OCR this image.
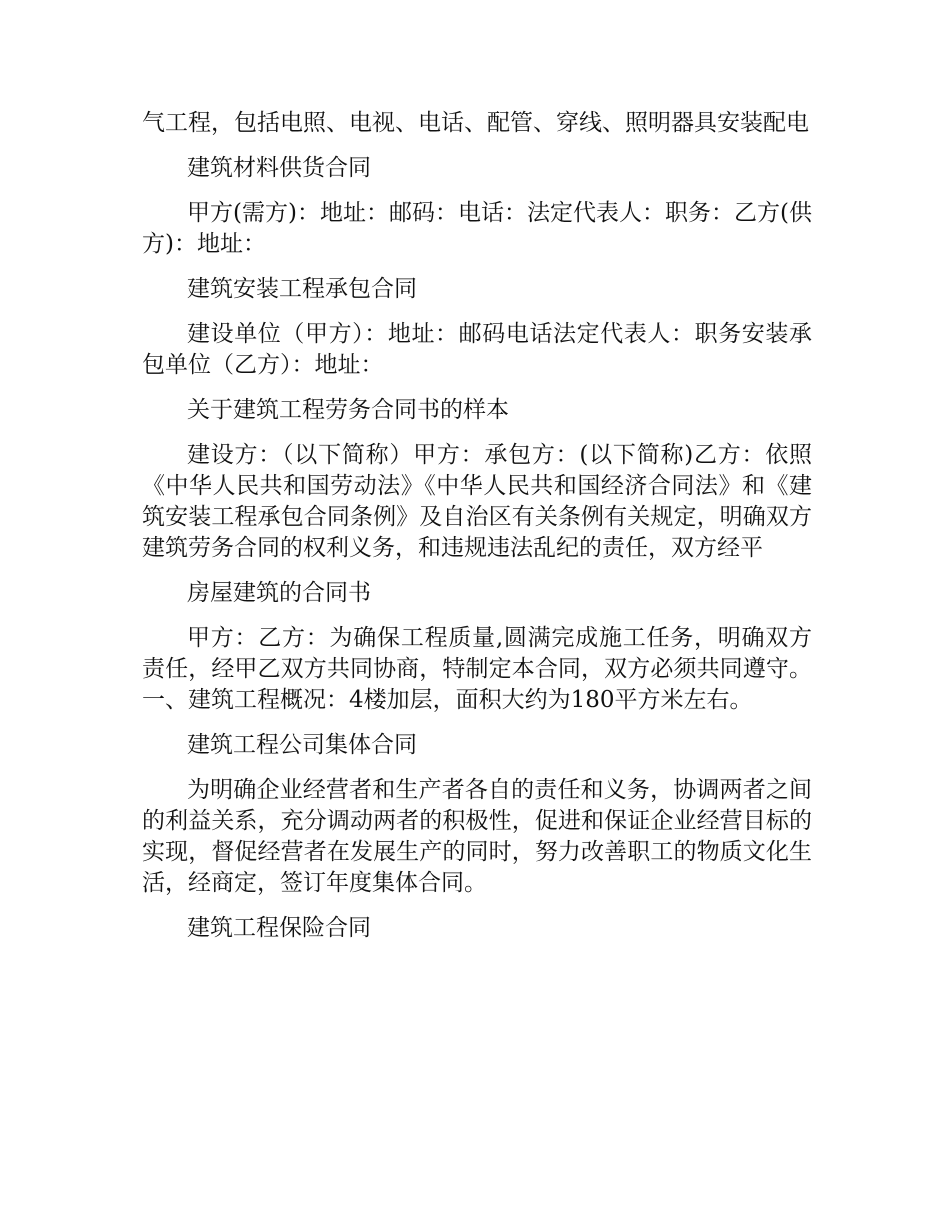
气工程，包括电照、电视、电话、配管、穿线、照明器具安装配电

建筑材料供货合同

甲方(需方)：地址：邮码：电话：法定代表人：职务：乙方(供方)：地址：

建筑安装工程承包合同

建设单位（甲方）：地址：邮码电话法定代表人：职务安装承包单位（乙方）：地址：

关于建筑工程劳务合同书的样本

建设方：（以下简称）甲方：承包方：(以下简称)乙方：依照《中华人民共和国劳动法》《中华人民共和国经济合同法》和《建筑安装工程承包合同条例》及自治区有关条例有关规定，明确双方建筑劳务合同的权利义务，和违规违法乱纪的责任，双方经平

房屋建筑的合同书

甲方：乙方：为确保工程质量,圆满完成施工任务，明确双方责任，经甲乙双方共同协商，特制定本合同，双方必须共同遵守。一、建筑工程概况：4楼加层，面积大约为180平方米左右。

建筑工程公司集体合同

为明确企业经营者和生产者各自的责任和义务，协调两者之间的利益关系，充分调动两者的积极性，促进和保证企业经营目标的实现，督促经营者在发展生产的同时，努力改善职工的物质文化生活，经商定，签订年度集体合同。

建筑工程保险合同
